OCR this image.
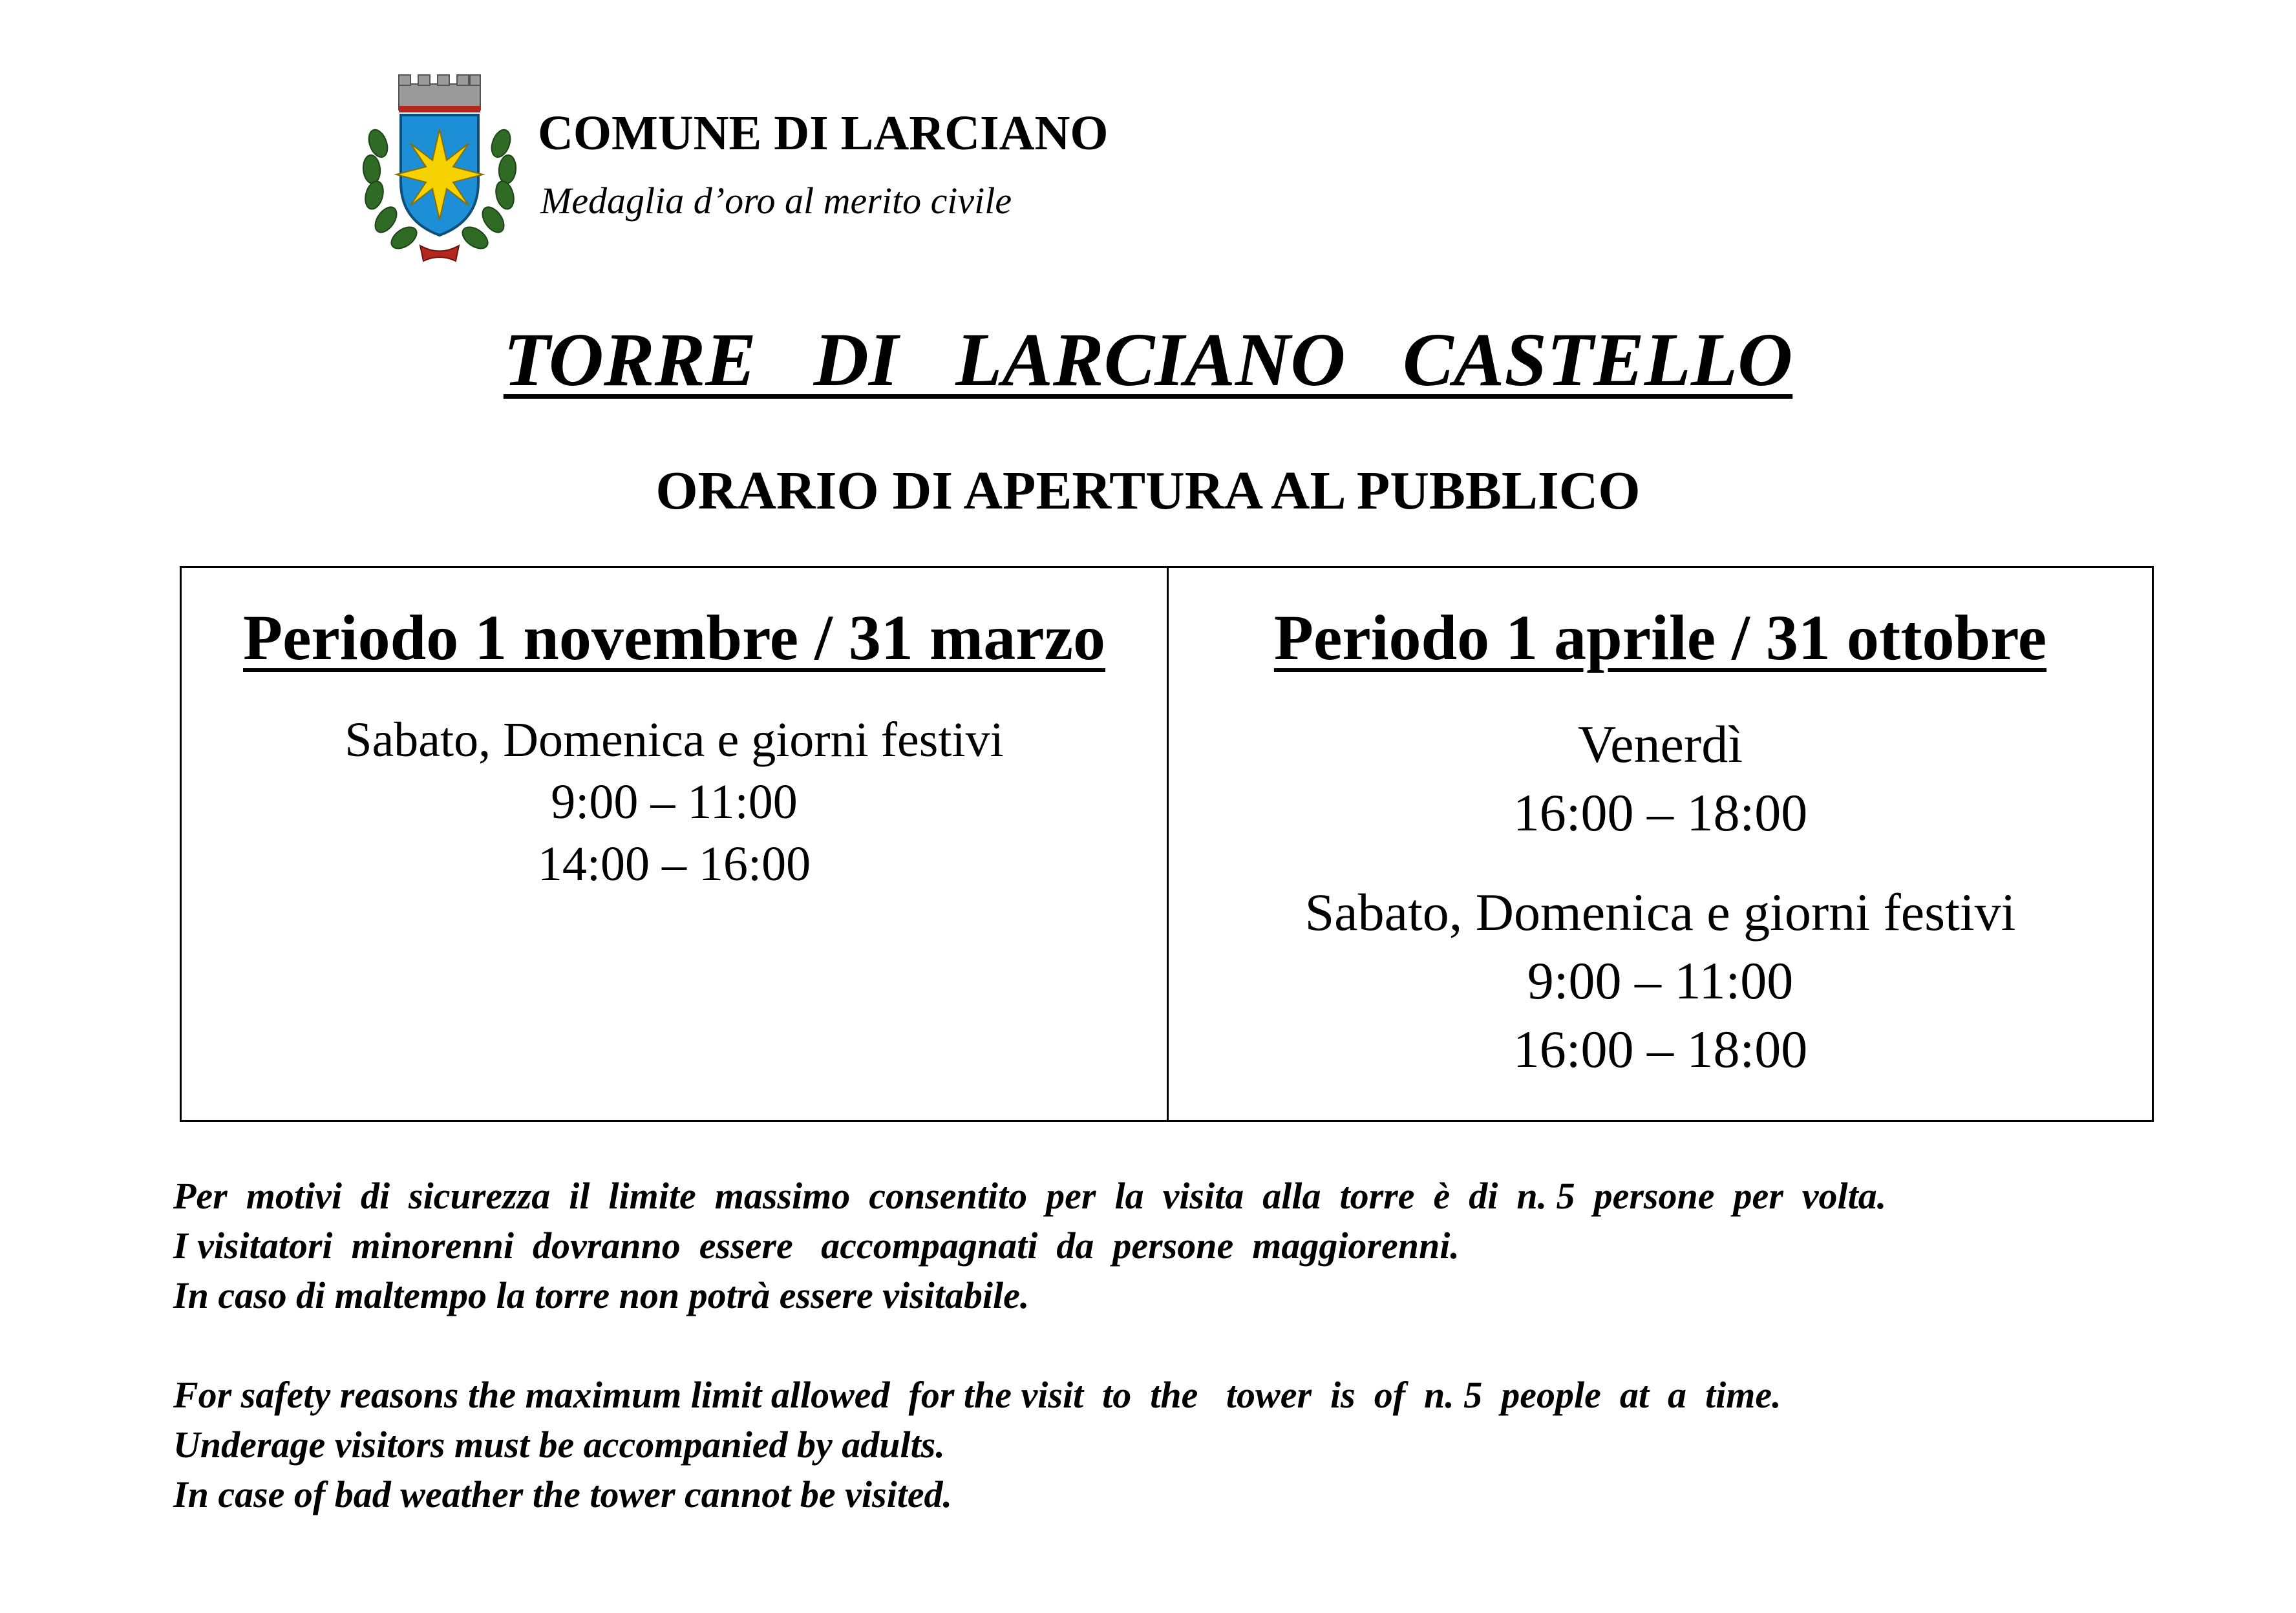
COMUNE DI LARCIANO
Medaglia d’oro al merito civile
TORRE   DI   LARCIANO   CASTELLO
ORARIO DI APERTURA AL PUBBLICO
Periodo 1 novembre / 31 marzo
Sabato, Domenica e giorni festivi
9:00 – 11:00
14:00 – 16:00
Periodo 1 aprile / 31 ottobre
Venerdì
16:00 – 18:00
Sabato, Domenica e giorni festivi
9:00 – 11:00
16:00 – 18:00
Per  motivi  di  sicurezza  il  limite  massimo  consentito  per  la  visita  alla  torre  è  di  n. 5  persone  per  volta.
I visitatori  minorenni  dovranno  essere   accompagnati  da  persone  maggiorenni.
In caso di maltempo la torre non potrà essere visitabile.
For safety reasons the maximum limit allowed  for the visit  to  the   tower  is  of  n. 5  people  at  a  time.
Underage visitors must be accompanied by adults.
In case of bad weather the tower cannot be visited.
